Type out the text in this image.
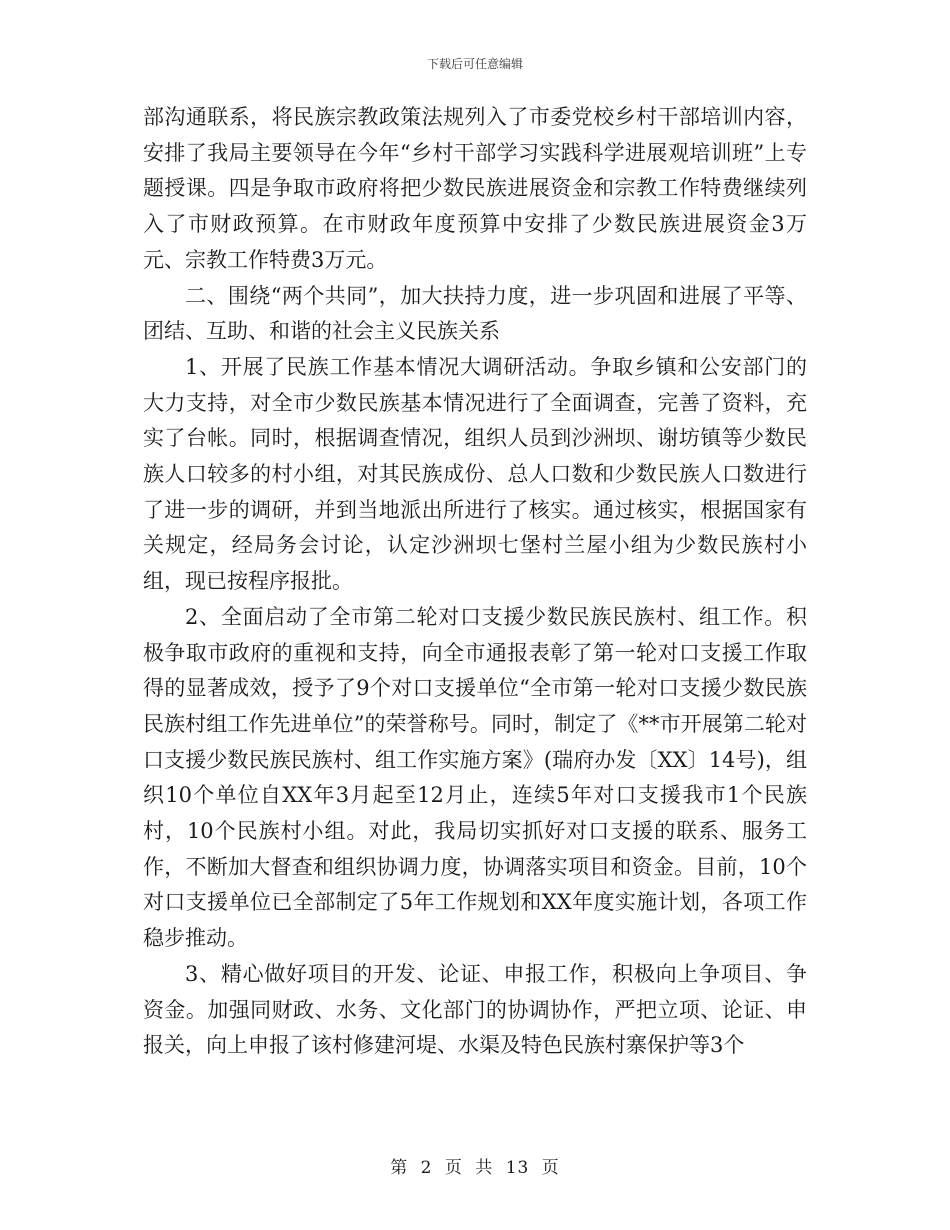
下载后可任意编辑

部沟通联系，将民族宗教政策法规列入了市委党校乡村干部培训内容，安排了我局主要领导在今年“乡村干部学习实践科学进展观培训班”上专题授课。四是争取市政府将把少数民族进展资金和宗教工作特费继续列入了市财政预算。在市财政年度预算中安排了少数民族进展资金3万元、宗教工作特费3万元。

二、围绕“两个共同”，加大扶持力度，进一步巩固和进展了平等、团结、互助、和谐的社会主义民族关系

1、开展了民族工作基本情况大调研活动。争取乡镇和公安部门的大力支持，对全市少数民族基本情况进行了全面调查，完善了资料，充实了台帐。同时，根据调查情况，组织人员到沙洲坝、谢坊镇等少数民族人口较多的村小组，对其民族成份、总人口数和少数民族人口数进行了进一步的调研，并到当地派出所进行了核实。通过核实，根据国家有关规定，经局务会讨论，认定沙洲坝七堡村兰屋小组为少数民族村小组，现已按程序报批。

2、全面启动了全市第二轮对口支援少数民族民族村、组工作。积极争取市政府的重视和支持，向全市通报表彰了第一轮对口支援工作取得的显著成效，授予了9个对口支援单位“全市第一轮对口支援少数民族民族村组工作先进单位”的荣誉称号。同时，制定了《**市开展第二轮对口支援少数民族民族村、组工作实施方案》(瑞府办发〔XX〕14号)，组织10个单位自XX年3月起至12月止，连续5年对口支援我市1个民族村，10个民族村小组。对此，我局切实抓好对口支援的联系、服务工作，不断加大督查和组织协调力度，协调落实项目和资金。目前，10个对口支援单位已全部制定了5年工作规划和XX年度实施计划，各项工作稳步推动。

3、精心做好项目的开发、论证、申报工作，积极向上争项目、争资金。加强同财政、水务、文化部门的协调协作，严把立项、论证、申报关，向上申报了该村修建河堤、水渠及特色民族村寨保护等3个

第 2 页 共 13 页
